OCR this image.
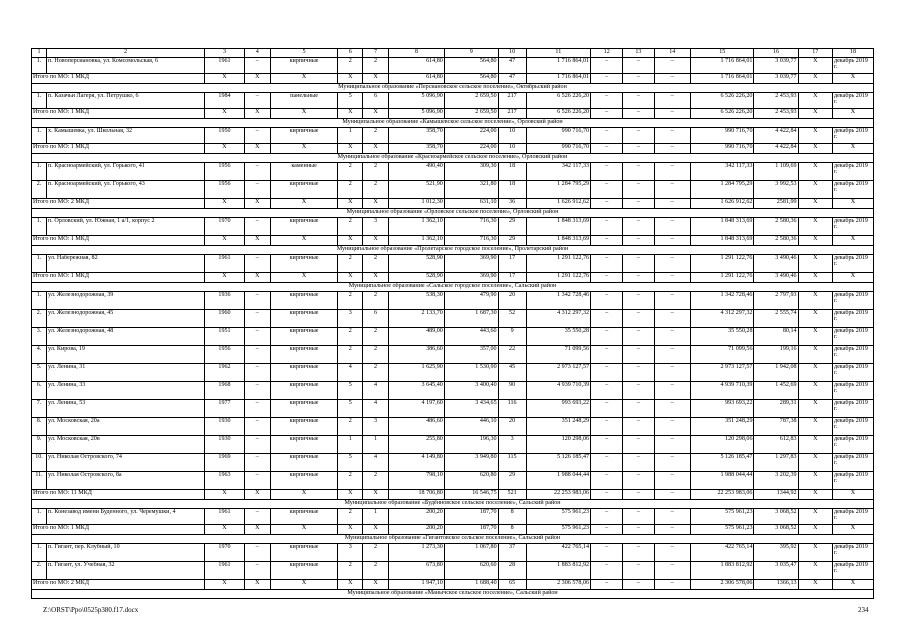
1	2	3	4	5	6	7	8	9	10	11	12	13	14	15	16	17	18
1.	п. Новоперсиановка, ул. Комсомольская, 6	1961	–	кирпичные	2	2	614,80	564,80	47	1 716 864,01	–	–	–	1 716 864,01	3 039,77	Х	декабрь 2019 г.
Итого по МО: 1 МКД		Х	Х	Х	Х	Х	614,80	564,80	47	1 716 864,01	–	–	–	1 716 864,01	3 039,77	Х	Х
Муниципальное образование «Персиановское сельское поселение», Октябрьский район																	
1.	п. Казачьи Лагеря, ул. Петрушко, 6	1984	–	панельные	5	6	5 096,90	2 659,50	217	6 526 226,20	–	–	–	6 526 226,20	2 453,93	Х	декабрь 2019 г.
Итого по МО: 1 МКД		Х	Х	Х	Х	Х	5 096,90	2 659,50	217	6 526 226,20	–	–	–	6 526 226,20	2 453,93	Х	Х
Муниципальное образование «Камышевское сельское поселение», Орловский район																	
1.	х. Камышевка, ул. Школьная, 32	1950	–	кирпичные	1	2	358,70	224,00	10	990 716,70	–	–	–	990 716,70	4 422,84	Х	декабрь 2019 г.
Итого по МО: 1 МКД		Х	Х	Х	Х	Х	358,70	224,00	10	990 716,70	–	–	–	990 716,70	4 422,84	Х	Х
Муниципальное образование «Красноармейское сельское поселение», Орловский район																	
1.	п. Красноармейский, ул. Горького, 41	1956	–	каменные	2	2	490,40	309,30	18	342 117,33	–	–	–	342 117,33	1 109,69	Х	декабрь 2019 г.
2.	п. Красноармейский, ул. Горького, 43	1956	–	кирпичные	2	2	521,90	321,80	18	1 284 795,29	–	–	–	1 284 795,29	3 992,53	Х	декабрь 2019 г.
Итого по МО: 2 МКД		Х	Х	Х	Х	Х	1 012,30	631,10	36	1 626 912,62	–	–	–	1 626 912,62	2581,99	Х	Х
Муниципальное образование «Орловское сельское поселение», Орловский район																	
1.	п. Орловский, ул. Южная, 1 а/1, корпус 2	1970	–	кирпичные	2	3	1 362,10	716,30	29	1 848 313,69	–	–	–	1 848 313,69	2 580,36	Х	декабрь 2019 г.
Итого по МО: 1 МКД		Х	Х	Х	Х	Х	1 362,10	716,30	29	1 848 313,69	–	–	–	1 848 313,69	2 580,36	Х	Х
Муниципальное образование «Пролетарское городское поселение», Пролетарский район																	
1.	ул. Набережная, 82	1961	–	кирпичные	2	2	528,90	369,90	17	1 291 122,76	–	–	–	1 291 122,76	3 490,46	Х	декабрь 2019 г.
Итого по МО: 1 МКД		Х	Х	Х	Х	Х	528,90	369,90	17	1 291 122,76	–	–	–	1 291 122,76	3 490,46	Х	Х
Муниципальное образование «Сальское городское поселение», Сальский район																	
1.	ул. Железнодорожная, 39	1936	–	кирпичные	2	2	538,30	479,90	20	1 342 728,46	–	–	–	1 342 728,46	2 797,93	Х	декабрь 2019 г.
2.	ул. Железнодорожная, 45	1960	–	кирпичные	3	6	2 133,70	1 687,30	52	4 312 297,32	–	–	–	4 312 297,32	2 555,74	Х	декабрь 2019 г.
3.	ул. Железнодорожная, 48	1951	–	кирпичные	2	2	489,00	443,60	9	35 550,28	–	–	–	35 550,28	80,14	Х	декабрь 2019 г.
4.	ул. Кирова, 19	1956	–	кирпичные	2	2	386,60	357,00	22	71 099,56	–	–	–	71 099,56	199,16	Х	декабрь 2019 г.
5.	ул. Ленина, 31	1962	–	кирпичные	4	2	1 625,90	1 530,90	45	2 973 127,57	–	–	–	2 973 127,57	1 942,08	Х	декабрь 2019 г.
6.	ул. Ленина, 33	1968	–	кирпичные	5	4	3 645,40	3 400,40	90	4 939 710,39	–	–	–	4 939 710,39	1 452,69	Х	декабрь 2019 г.
7.	ул. Ленина, 53	1977	–	кирпичные	5	4	4 197,60	3 434,65	116	993 693,22	–	–	–	993 693,22	289,31	Х	декабрь 2019 г.
8.	ул. Московская, 20а	1930	–	кирпичные	2	3	486,60	446,10	20	351 248,29	–	–	–	351 248,29	787,38	Х	декабрь 2019 г.
9.	ул. Московская, 20в	1930	–	кирпичные	1	1	255,80	196,30	3	120 298,06	–	–	–	120 298,06	612,83	Х	декабрь 2019 г.
10.	ул. Николая Островского, 74	1969	–	кирпичные	5	4	4 149,80	3 949,80	115	5 126 185,47	–	–	–	5 126 185,47	1 297,83	Х	декабрь 2019 г.
11.	ул. Николая Островского, 8а	1963	–	кирпичные	2	2	798,10	620,80	29	1 988 044,44	–	–	–	1 988 044,44	3 202,39	Х	декабрь 2019 г.
Итого по МО: 11 МКД		Х	Х	Х	Х	Х	18 706,80	16 546,75	521	22 253 983,06	–	–	–	22 253 983,06	1344,92	Х	Х
Муниципальное образование «Будённовское сельское поселение», Сальский район																	
1.	п. Конезавод имени Буденного, ул. Черемушки, 4	1961	–	кирпичные	2	1	200,20	187,70	8	575 961,23	–	–	–	575 961,23	3 068,52	Х	декабрь 2019 г.
Итого по МО: 1 МКД		Х	Х	Х	Х	Х	200,20	187,70	8	575 961,23	–	–	–	575 961,23	3 068,52	Х	Х
Муниципальное образование «Гигантовское сельское поселение», Сальский район																	
1.	п. Гигант, пер. Клубный, 10	1970	–	кирпичные	3	2	1 273,30	1 067,80	37	422 765,14	–	–	–	422 765,14	395,92	Х	декабрь 2019 г.
2.	п. Гигант, ул. Учебная, 32	1961	–	кирпичные	2	2	673,80	620,60	28	1 883 812,92	–	–	–	1 883 812,92	3 035,47	Х	декабрь 2019 г.
Итого по МО: 2 МКД		Х	Х	Х	Х	Х	1 947,10	1 688,40	65	2 306 578,06	–	–	–	2 306 578,06	1366,13	Х	Х
Муниципальное образование «Манычское сельское поселение», Сальский район																	
Z:\ORST\Ppo\0525p380.f17.docx	234
